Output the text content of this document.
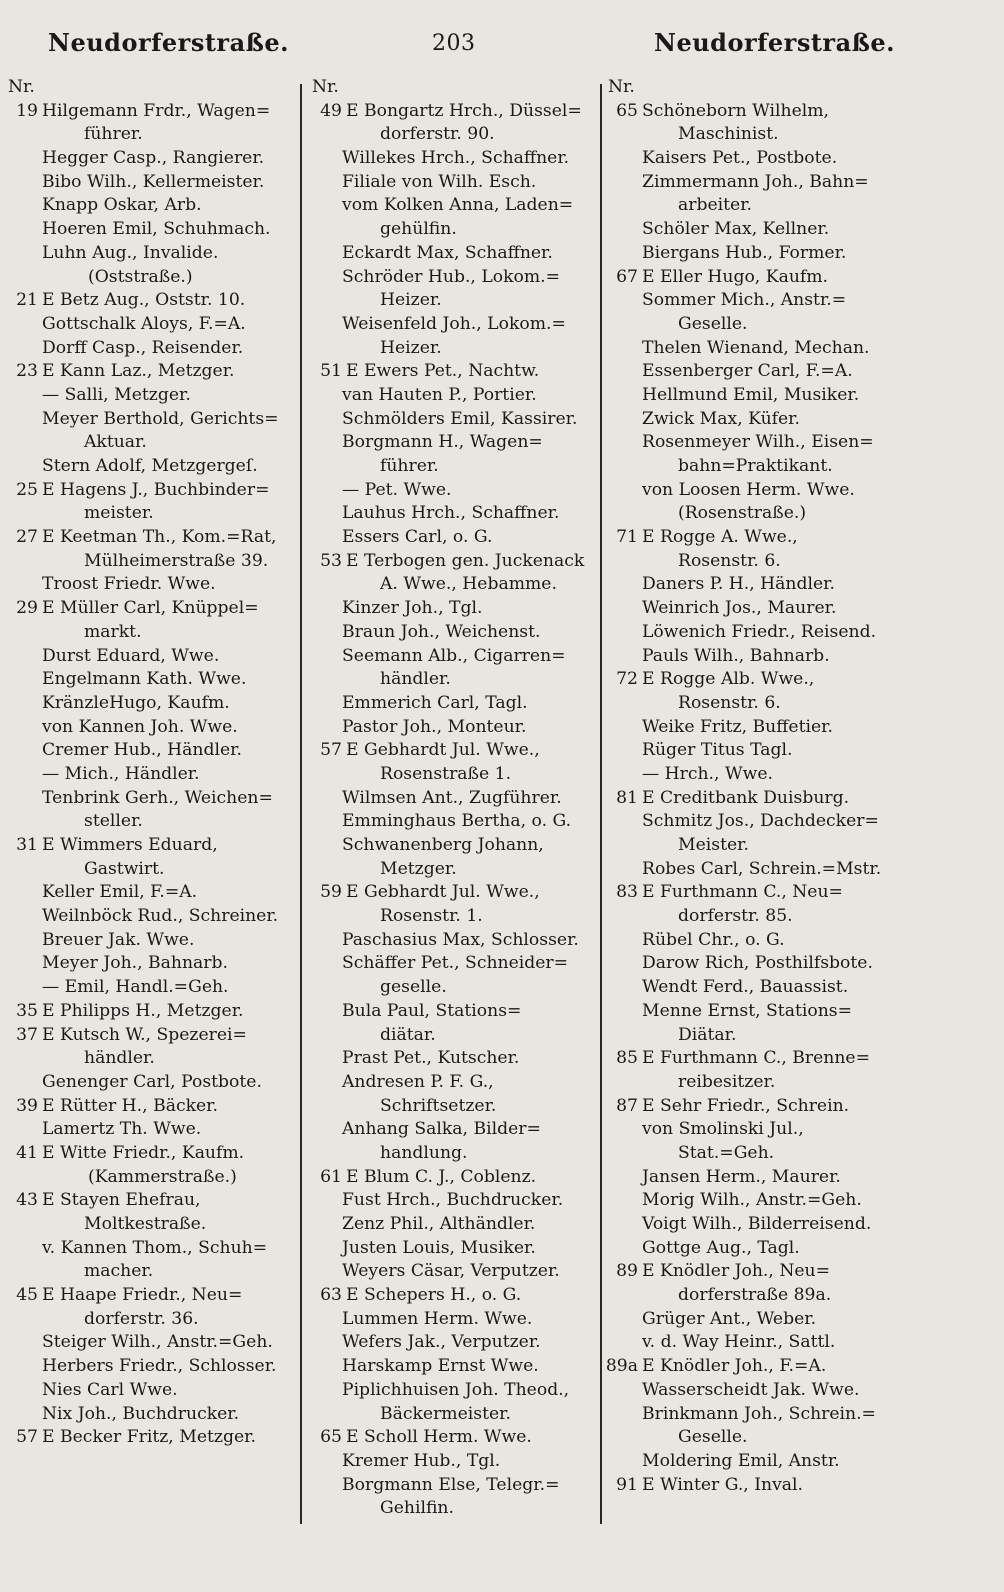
Neudorferstraße.	203	Neudorferstraße.
Nr.
19 Hilgemann Frdr., Wagen=
führer.
Hegger Casp., Rangierer.
Bibo Wilh., Kellermeister.
Knapp Oskar, Arb.
Hoeren Emil, Schuhmach.
Luhn Aug., Invalide.
(Oststraße.)
21 E Betz Aug., Oststr. 10.
Gottschalk Aloys, F.=A.
Dorff Casp., Reisender.
23 E Kann Laz., Metzger.
— Salli, Metzger.
Meyer Berthold, Gerichts=
Aktuar.
Stern Adolf, Metzgergeſ.
25 E Hagens J., Buchbinder=
meister.
27 E Keetman Th., Kom.=Rat,
Mülheimerstraße 39.
Troost Friedr. Wwe.
29 E Müller Carl, Knüppel=
markt.
Durst Eduard, Wwe.
Engelmann Kath. Wwe.
KränzleHugo, Kaufm.
von Kannen Joh. Wwe.
Cremer Hub., Händler.
— Mich., Händler.
Tenbrink Gerh., Weichen=
steller.
31 E Wimmers Eduard,
Gastwirt.
Keller Emil, F.=A.
Weilnböck Rud., Schreiner.
Breuer Jak. Wwe.
Meyer Joh., Bahnarb.
— Emil, Handl.=Geh.
35 E Philipps H., Metzger.
37 E Kutsch W., Spezerei=
händler.
Genenger Carl, Postbote.
39 E Rütter H., Bäcker.
Lamertz Th. Wwe.
41 E Witte Friedr., Kaufm.
(Kammerstraße.)
43 E Stayen Ehefrau,
Moltkestraße.
v. Kannen Thom., Schuh=
macher.
45 E Haape Friedr., Neu=
dorferstr. 36.
Steiger Wilh., Anstr.=Geh.
Herbers Friedr., Schlosser.
Nies Carl Wwe.
Nix Joh., Buchdrucker.
57 E Becker Fritz, Metzger.
Nr.
49 E Bongartz Hrch., Düssel=
dorferstr. 90.
Willekes Hrch., Schaffner.
Filiale von Wilh. Esch.
vom Kolken Anna, Laden=
gehülfin.
Eckardt Max, Schaffner.
Schröder Hub., Lokom.=
Heizer.
Weisenfeld Joh., Lokom.=
Heizer.
51 E Ewers Pet., Nachtw.
van Hauten P., Portier.
Schmölders Emil, Kassirer.
Borgmann H., Wagen=
führer.
— Pet. Wwe.
Lauhus Hrch., Schaffner.
Essers Carl, o. G.
53 E Terbogen gen. Juckenack
A. Wwe., Hebamme.
Kinzer Joh., Tgl.
Braun Joh., Weichenst.
Seemann Alb., Cigarren=
händler.
Emmerich Carl, Tagl.
Pastor Joh., Monteur.
57 E Gebhardt Jul. Wwe.,
Rosenstraße 1.
Wilmsen Ant., Zugführer.
Emminghaus Bertha, o. G.
Schwanenberg Johann,
Metzger.
59 E Gebhardt Jul. Wwe.,
Rosenstr. 1.
Paschasius Max, Schlosser.
Schäffer Pet., Schneider=
geselle.
Bula Paul, Stations=
diätar.
Prast Pet., Kutscher.
Andresen P. F. G.,
Schriftsetzer.
Anhang Salka, Bilder=
handlung.
61 E Blum C. J., Coblenz.
Fust Hrch., Buchdrucker.
Zenz Phil., Althändler.
Justen Louis, Musiker.
Weyers Cäsar, Verputzer.
63 E Schepers H., o. G.
Lummen Herm. Wwe.
Wefers Jak., Verputzer.
Harskamp Ernst Wwe.
Piplichhuisen Joh. Theod.,
Bäckermeister.
65 E Scholl Herm. Wwe.
Kremer Hub., Tgl.
Borgmann Else, Telegr.=
Gehilfin.
Nr.
65 Schöneborn Wilhelm,
Maschinist.
Kaisers Pet., Postbote.
Zimmermann Joh., Bahn=
arbeiter.
Schöler Max, Kellner.
Biergans Hub., Former.
67 E Eller Hugo, Kaufm.
Sommer Mich., Anstr.=
Geselle.
Thelen Wienand, Mechan.
Essenberger Carl, F.=A.
Hellmund Emil, Musiker.
Zwick Max, Küfer.
Rosenmeyer Wilh., Eisen=
bahn=Praktikant.
von Loosen Herm. Wwe.
(Rosenstraße.)
71 E Rogge A. Wwe.,
Rosenstr. 6.
Daners P. H., Händler.
Weinrich Jos., Maurer.
Löwenich Friedr., Reisend.
Pauls Wilh., Bahnarb.
72 E Rogge Alb. Wwe.,
Rosenstr. 6.
Weike Fritz, Buffetier.
Rüger Titus Tagl.
— Hrch., Wwe.
81 E Creditbank Duisburg.
Schmitz Jos., Dachdecker=
Meister.
Robes Carl, Schrein.=Mstr.
83 E Furthmann C., Neu=
dorferstr. 85.
Rübel Chr., o. G.
Darow Rich, Posthilfsbote.
Wendt Ferd., Bauassist.
Menne Ernst, Stations=
Diätar.
85 E Furthmann C., Brenne=
reibesitzer.
87 E Sehr Friedr., Schrein.
von Smolinski Jul.,
Stat.=Geh.
Jansen Herm., Maurer.
Morig Wilh., Anstr.=Geh.
Voigt Wilh., Bilderreisend.
Gottge Aug., Tagl.
89 E Knödler Joh., Neu=
dorferstraße 89a.
Grüger Ant., Weber.
v. d. Way Heinr., Sattl.
89a E Knödler Joh., F.=A.
Wasserscheidt Jak. Wwe.
Brinkmann Joh., Schrein.=
Geselle.
Moldering Emil, Anstr.
91 E Winter G., Inval.
